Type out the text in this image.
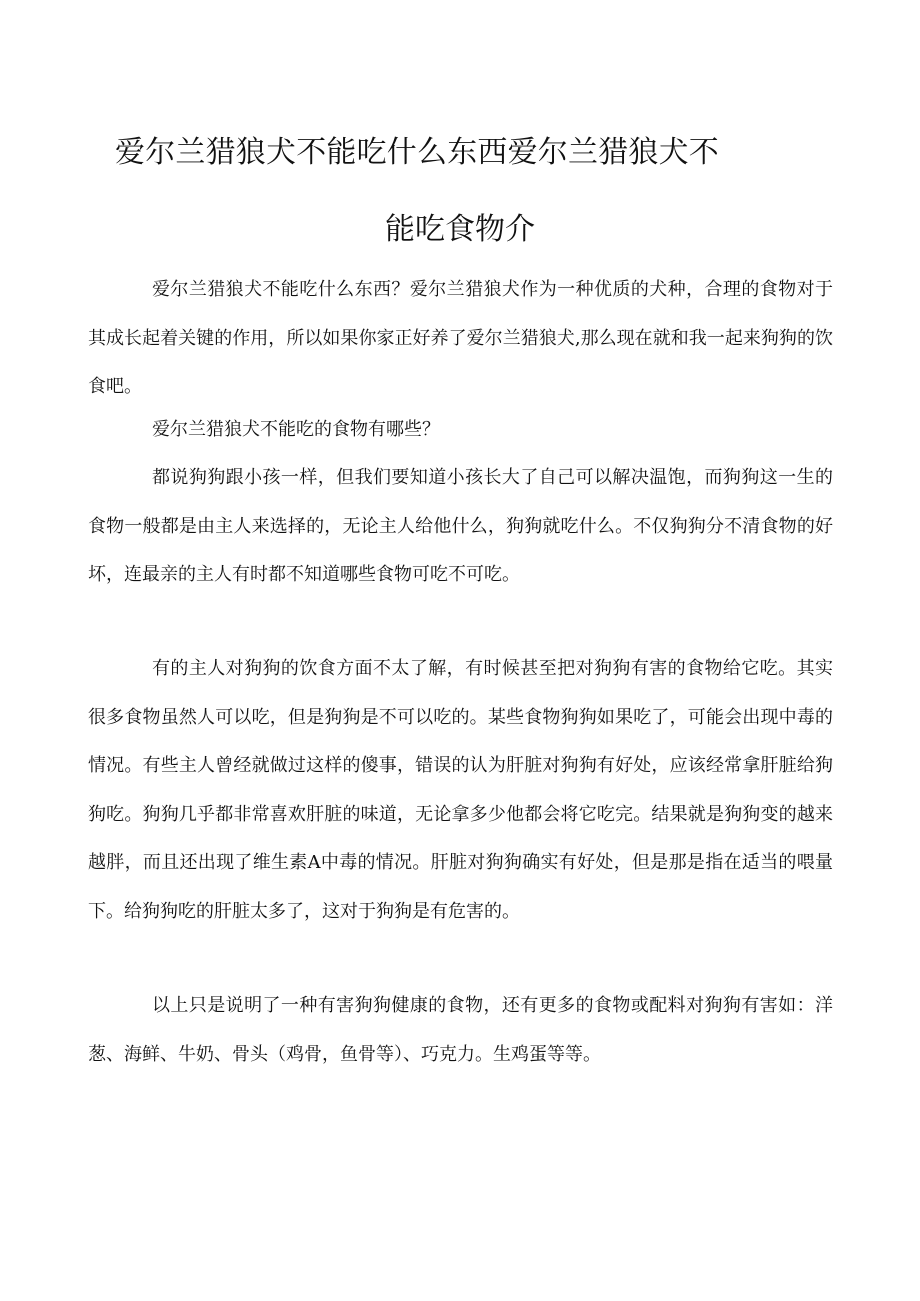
爱尔兰猎狼犬不能吃什么东西爱尔兰猎狼犬不
能吃食物介

爱尔兰猎狼犬不能吃什么东西？爱尔兰猎狼犬作为一种优质的犬种，合理的食物对于其成长起着关键的作用，所以如果你家正好养了爱尔兰猎狼犬,那么现在就和我一起来狗狗的饮食吧。

爱尔兰猎狼犬不能吃的食物有哪些？

都说狗狗跟小孩一样，但我们要知道小孩长大了自己可以解决温饱，而狗狗这一生的食物一般都是由主人来选择的，无论主人给他什么，狗狗就吃什么。不仅狗狗分不清食物的好坏，连最亲的主人有时都不知道哪些食物可吃不可吃。

有的主人对狗狗的饮食方面不太了解，有时候甚至把对狗狗有害的食物给它吃。其实很多食物虽然人可以吃，但是狗狗是不可以吃的。某些食物狗狗如果吃了，可能会出现中毒的情况。有些主人曾经就做过这样的傻事，错误的认为肝脏对狗狗有好处，应该经常拿肝脏给狗狗吃。狗狗几乎都非常喜欢肝脏的味道，无论拿多少他都会将它吃完。结果就是狗狗变的越来越胖，而且还出现了维生素A中毒的情况。肝脏对狗狗确实有好处，但是那是指在适当的喂量下。给狗狗吃的肝脏太多了，这对于狗狗是有危害的。

以上只是说明了一种有害狗狗健康的食物，还有更多的食物或配料对狗狗有害如：洋葱、海鲜、牛奶、骨头（鸡骨，鱼骨等）、巧克力。生鸡蛋等等。
